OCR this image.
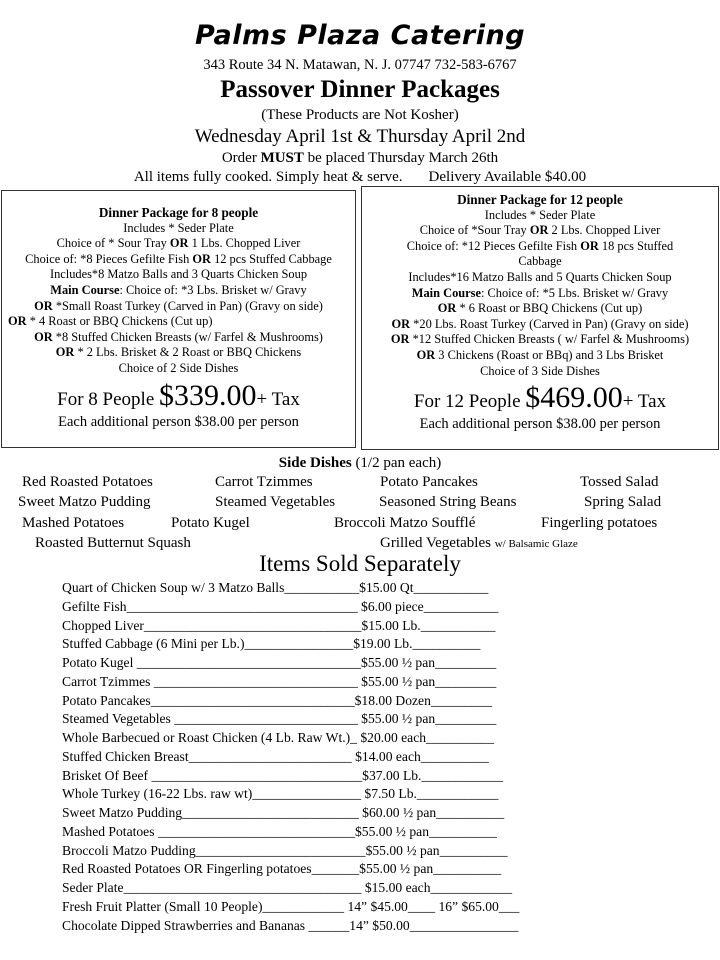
Palms Plaza Catering
343 Route 34 N. Matawan, N. J. 07747 732-583-6767
Passover Dinner Packages
(These Products are Not Kosher)
Wednesday April 1st & Thursday April 2nd
Order MUST be placed Thursday March 26th
All items fully cooked. Simply heat & serve. Delivery Available $40.00
Dinner Package for 8 people
Includes * Seder Plate
Choice of * Sour Tray OR 1 Lbs. Chopped Liver
Choice of: *8 Pieces Gefilte Fish OR 12 pcs Stuffed Cabbage
Includes*8 Matzo Balls and 3 Quarts Chicken Soup
Main Course: Choice of: *3 Lbs. Brisket w/ Gravy
OR *Small Roast Turkey (Carved in Pan) (Gravy on side)
OR * 4 Roast or BBQ Chickens (Cut up)
OR *8 Stuffed Chicken Breasts (w/ Farfel & Mushrooms)
OR * 2 Lbs. Brisket & 2 Roast or BBQ Chickens
Choice of 2 Side Dishes
For 8 People $339.00+ Tax
Each additional person $38.00 per person
Dinner Package for 12 people
Includes * Seder Plate
Choice of *Sour Tray OR 2 Lbs. Chopped Liver
Choice of: *12 Pieces Gefilte Fish OR 18 pcs Stuffed
Cabbage
Includes*16 Matzo Balls and 5 Quarts Chicken Soup
Main Course: Choice of: *5 Lbs. Brisket w/ Gravy
OR * 6 Roast or BBQ Chickens (Cut up)
OR *20 Lbs. Roast Turkey (Carved in Pan) (Gravy on side)
OR *12 Stuffed Chicken Breasts ( w/ Farfel & Mushrooms)
OR 3 Chickens (Roast or BBq) and 3 Lbs Brisket
Choice of 3 Side Dishes
For 12 People $469.00+ Tax
Each additional person $38.00 per person
Side Dishes (1/2 pan each)
Red Roasted Potatoes	Carrot Tzimmes	Potato Pancakes	Tossed Salad
Sweet Matzo Pudding	Steamed Vegetables	Seasoned String Beans	Spring Salad
Mashed Potatoes	Potato Kugel	Broccoli Matzo Soufflé	Fingerling potatoes
Roasted Butternut Squash	Grilled Vegetables w/ Balsamic Glaze
Items Sold Separately
Quart of Chicken Soup w/ 3 Matzo Balls___________$15.00 Qt___________
Gefilte Fish__________________________________ $6.00 piece___________
Chopped Liver________________________________$15.00 Lb.___________
Stuffed Cabbage (6 Mini per Lb.)________________$19.00 Lb.__________
Potato Kugel _________________________________$55.00 ½ pan_________
Carrot Tzimmes ______________________________ $55.00 ½ pan_________
Potato Pancakes______________________________$18.00 Dozen_________
Steamed Vegetables ___________________________ $55.00 ½ pan_________
Whole Barbecued or Roast Chicken (4 Lb. Raw Wt.)_ $20.00 each__________
Stuffed Chicken Breast________________________ $14.00 each__________
Brisket Of Beef _______________________________$37.00 Lb.____________
Whole Turkey (16-22 Lbs. raw wt)________________ $7.50 Lb.____________
Sweet Matzo Pudding__________________________ $60.00 ½ pan__________
Mashed Potatoes _____________________________$55.00 ½ pan__________
Broccoli Matzo Pudding_________________________$55.00 ½ pan__________
Red Roasted Potatoes OR Fingerling potatoes_______$55.00 ½ pan__________
Seder Plate___________________________________ $15.00 each____________
Fresh Fruit Platter (Small 10 People)____________ 14” $45.00____ 16” $65.00___
Chocolate Dipped Strawberries and Bananas ______14” $50.00________________
